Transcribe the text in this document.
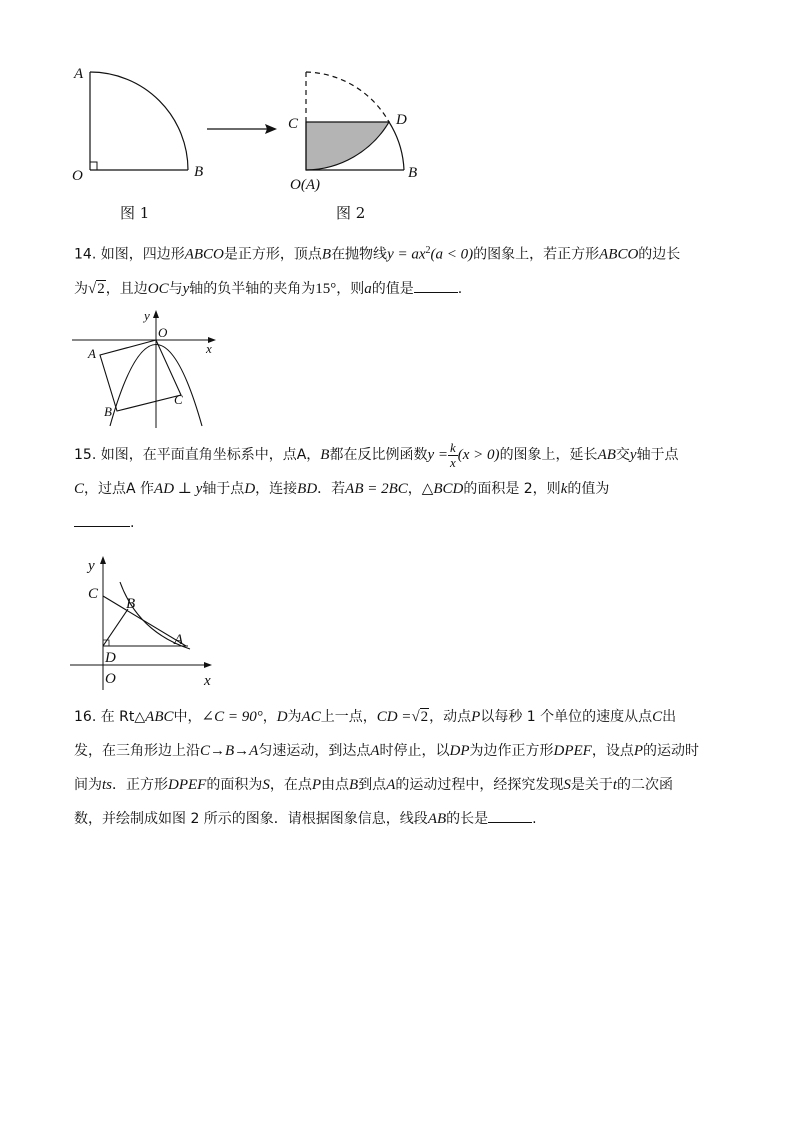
A
O	B
C	D
O(A)
B
图 1	图 2
14. 如图，四边形ABCO是正方形，顶点B在抛物线$y = ax^2(a < 0)$的图象上，若正方形ABCO的边长
为√2，且边OC与y轴的负半轴的夹角为15°，则a的值是	.
y
O
x
A
B
C
15. 如图，在平面直角坐标系中，点A，B都在反比例函数$y = \frac{k}{x} (x > 0)$的图象上，延长AB交y轴于点
C，过点A 作AD ⊥ y轴于点D，连接BD．若AB = 2BC，△BCD的面积是 2，则k的值为
.
y
C
B
A
D
O	x
16. 在 Rt△ABC中，∠C = 90°，D为AC上一点，CD =√2，动点P以每秒 1 个单位的速度从点C出
发，在三角形边上沿C→B→A匀速运动，到达点A时停止，以DP为边作正方形DPEF，设点P的运动时
间为ts．正方形DPEF的面积为S，在点P由点B到点A的运动过程中，经探究发现S是关于t的二次函
数，并绘制成如图 2 所示的图象．请根据图象信息，线段AB的长是	.
